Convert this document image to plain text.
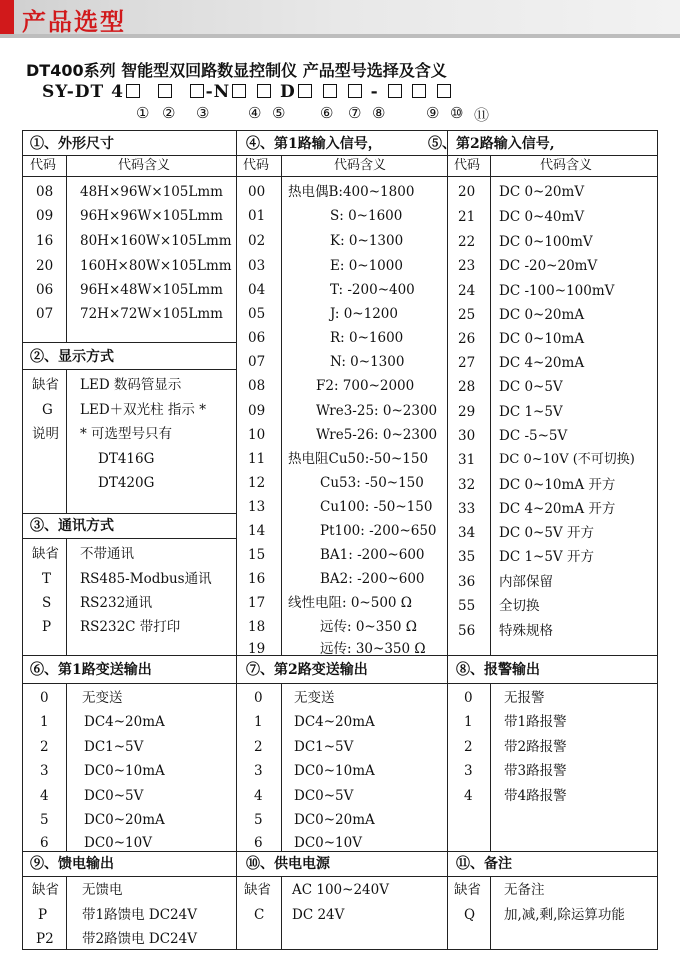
产品选型
DT400系列 智能型双回路数显控制仪 产品型号选择及含义
SY-DT 4	-N	D	-
① ② ③	④ ⑤ ⑥ ⑦ ⑧	⑨ ⑩ ⑪
①、外形尺寸	④、第1路输入信号，	⑤、第2路输入信号,
②、显示方式
③、通讯方式
⑥、第1路变送输出	⑦、第2路变送输出	⑧、报警输出
⑨、馈电输出	⑩、供电电源	⑪、备注
代码	代码含义	代码	代码含义	代码	代码含义
08 48H×96W×105Lmm
09 96H×96W×105Lmm
16 80H×160W×105Lmm
20 160H×80W×105Lmm
06 96H×48W×105Lmm
07 72H×72W×105Lmm
缺省 LED 数码管显示
G LED＋双光柱 指示 *
说明 * 可选型号只有
DT416G
DT420G
缺省 不带通讯
T RS485-Modbus通讯
S RS232通讯
P RS232C 带打印
00 热电偶B:400~1800
01	S: 0~1600
02	K: 0~1300
03	E: 0~1000
04	T: -200~400
05	J: 0~1200
06	R: 0~1600
07	N: 0~1300
08	F2: 700~2000
09	Wre3-25: 0~2300
10	Wre5-26: 0~2300
11 热电阻Cu50:-50~150
12	Cu53: -50~150
13	Cu100: -50~150
14	Pt100: -200~650
15	BA1: -200~600
16	BA2: -200~600
17 线性电阻: 0~500 Ω
18	远传: 0~350 Ω
19	远传: 30~350 Ω
20 DC 0~20mV
21 DC 0~40mV
22 DC 0~100mV
23 DC -20~20mV
24 DC -100~100mV
25 DC 0~20mA
26 DC 0~10mA
27 DC 4~20mA
28 DC 0~5V
29 DC 1~5V
30 DC -5~5V
31 DC 0~10V (不可切换)
32 DC 0~10mA 开方
33 DC 4~20mA 开方
34 DC 0~5V 开方
35 DC 1~5V 开方
36 内部保留
55 全切换
56 特殊规格
0 无变送
1	DC4~20mA
2	DC1~5V
3	DC0~10mA
4	DC0~5V
5	DC0~20mA
6	DC0~10V
0 无变送
1 DC4~20mA
2 DC1~5V
3 DC0~10mA
4 DC0~5V
5 DC0~20mA
6 DC0~10V
0 无报警
1 带1路报警
2 带2路报警
3 带3路报警
4 带4路报警
缺省 无馈电
P	带1路馈电 DC24V
P2 带2路馈电 DC24V
缺省 AC 100~240V
C DC 24V
缺省 无备注
Q 加,减,剩,除运算功能
